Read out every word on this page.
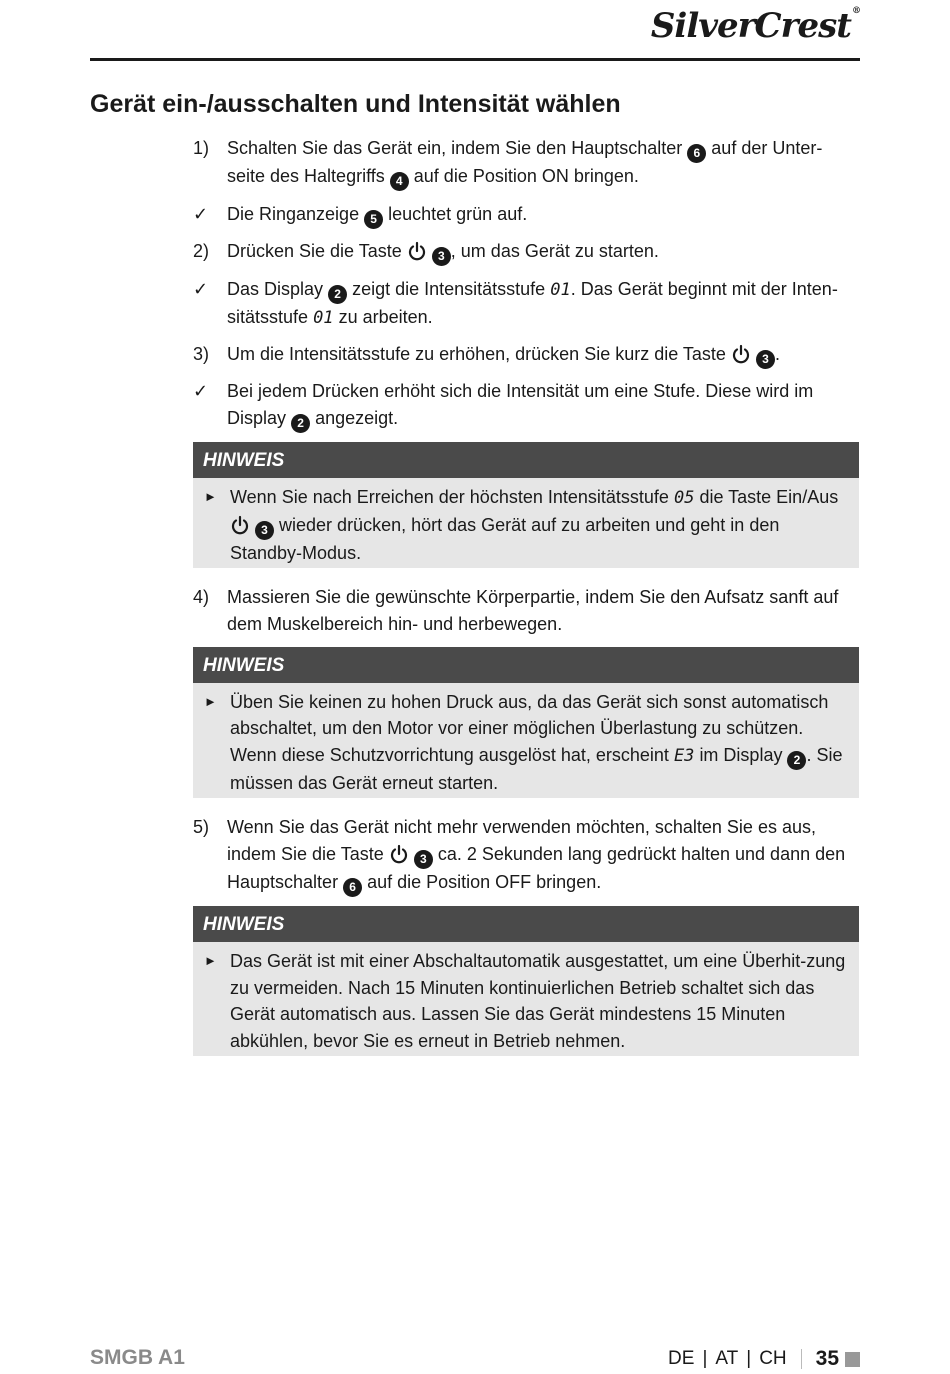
SilverCrest®
Gerät ein-/ausschalten und Intensität wählen
1) Schalten Sie das Gerät ein, indem Sie den Hauptschalter 6 auf der Unter-seite des Haltegriffs 4 auf die Position ON bringen.
✓ Die Ringanzeige 5 leuchtet grün auf.
2) Drücken Sie die Taste	3 , um das Gerät zu starten.
✓ Das Display 2 zeigt die Intensitätsstufe 01. Das Gerät beginnt mit der Inten-sitätsstufe 01 zu arbeiten.
3) Um die Intensitätsstufe zu erhöhen, drücken Sie kurz die Taste	3 .
✓ Bei jedem Drücken erhöht sich die Intensität um eine Stufe. Diese wird im Display 2 angezeigt.
HINWEIS
► Wenn Sie nach Erreichen der höchsten Intensitätsstufe 05 die Taste Ein/Aus  3 wieder drücken, hört das Gerät auf zu arbeiten und geht in den Standby-Modus.
4) Massieren Sie die gewünschte Körperpartie, indem Sie den Aufsatz sanft auf dem Muskelbereich hin- und herbewegen.
HINWEIS
► Üben Sie keinen zu hohen Druck aus, da das Gerät sich sonst automatisch abschaltet, um den Motor vor einer möglichen Überlastung zu schützen. Wenn diese Schutzvorrichtung ausgelöst hat, erscheint E3 im Display 2 . Sie müssen das Gerät erneut starten.
5) Wenn Sie das Gerät nicht mehr verwenden möchten, schalten Sie es aus, indem Sie die Taste	3 ca. 2 Sekunden lang gedrückt halten und dann den Hauptschalter 6 auf die Position OFF bringen.
HINWEIS
► Das Gerät ist mit einer Abschaltautomatik ausgestattet, um eine Überhit-zung zu vermeiden. Nach 15 Minuten kontinuierlichen Betrieb schaltet sich das Gerät automatisch aus. Lassen Sie das Gerät mindestens 15 Minuten abkühlen, bevor Sie es erneut in Betrieb nehmen.
SMGB A1	DE | AT | CH 35
